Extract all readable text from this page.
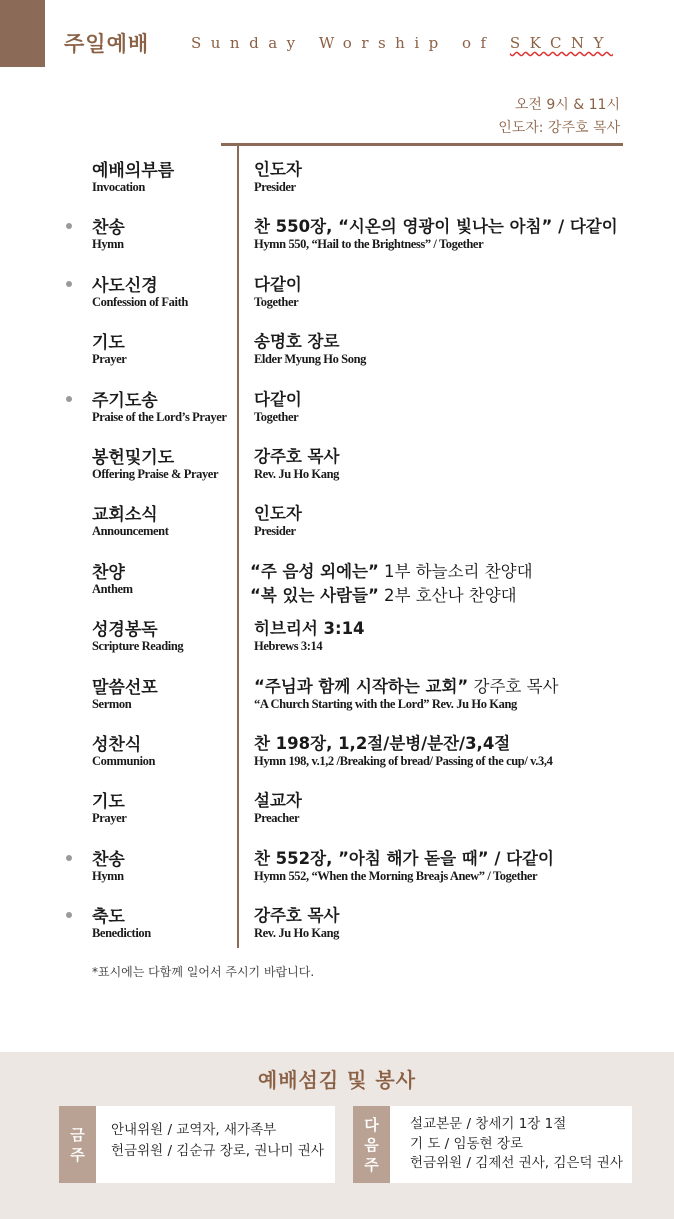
주일예배	Sunday Worship of SKCNY
오전 9시 & 11시
인도자: 강주호 목사
예배의부름
Invocation
인도자
Presider
찬송
Hymn
찬 550장, “시온의 영광이 빛나는 아침” / 다같이
Hymn 550, “Hail to the Brightness” / Together
사도신경
Confession of Faith
다같이
Together
기도
Prayer
송명호 장로
Elder Myung Ho Song
주기도송
Praise of the Lord’s Prayer
다같이
Together
봉헌및기도
Offering Praise & Prayer
강주호 목사
Rev. Ju Ho Kang
교회소식
Announcement
인도자
Presider
찬양
Anthem
“주 음성 외에는” 1부 하늘소리 찬양대
“복 있는 사람들” 2부 호산나 찬양대
성경봉독
Scripture Reading
히브리서 3:14
Hebrews 3:14
말씀선포
Sermon
“주님과 함께 시작하는 교회” 강주호 목사
“A Church Starting with the Lord” Rev. Ju Ho Kang
성찬식
Communion
찬 198장, 1,2절/분병/분잔/3,4절
Hymn 198, v.1,2 /Breaking of bread/ Passing of the cup/ v.3,4
기도
Prayer
설교자
Preacher
찬송
Hymn
찬 552장, ”아침 해가 돋을 때” / 다같이
Hymn 552, “When the Morning Breajs Anew” / Together
축도
Benediction
강주호 목사
Rev. Ju Ho Kang
*표시에는 다함께 일어서 주시기 바랍니다.
예배섬김 및 봉사
금
주
안내위원 / 교역자, 새가족부
헌금위원 / 김순규 장로, 권나미 권사
다
음
주
설교본문 / 창세기 1장 1절
기 도 / 임동현 장로
헌금위원 / 김제선 권사, 김은덕 권사
